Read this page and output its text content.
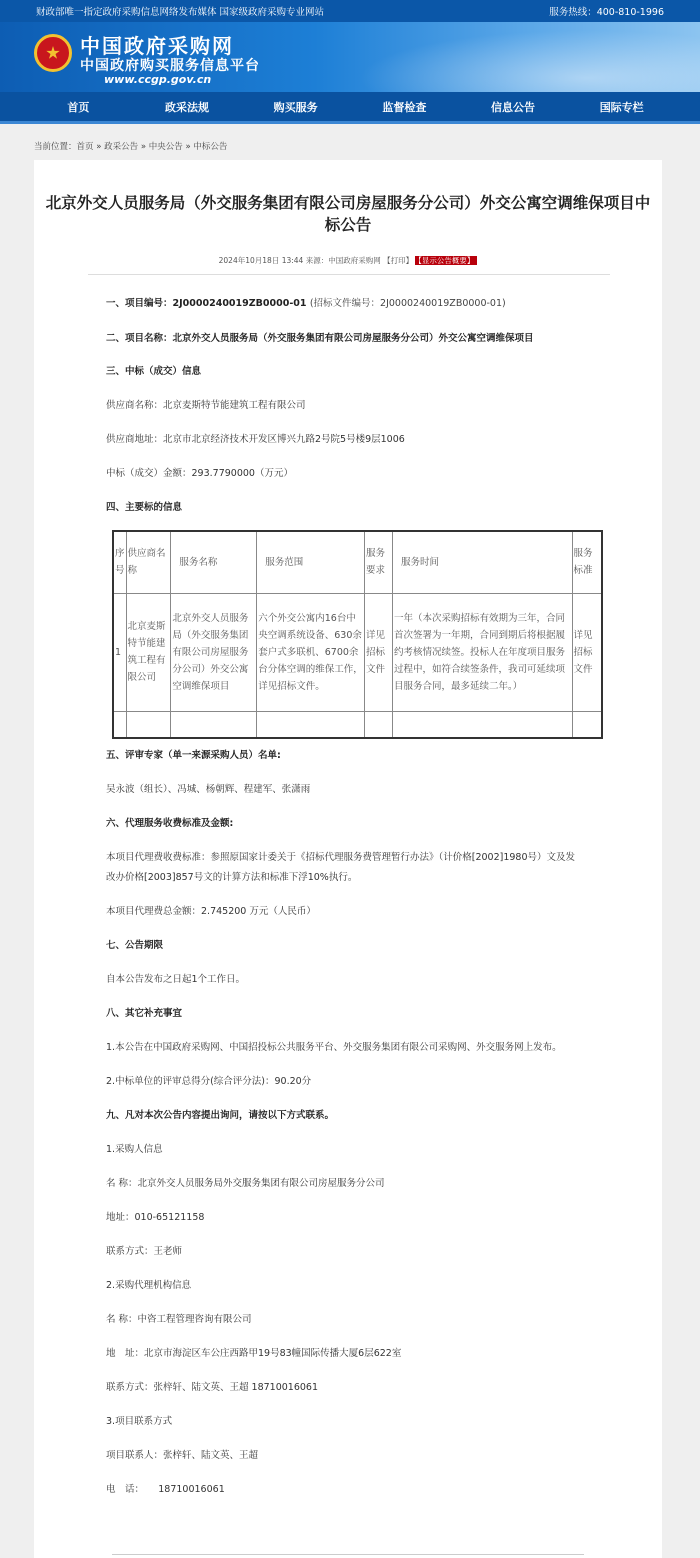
财政部唯一指定政府采购信息网络发布媒体 国家级政府采购专业网站	服务热线：400-810-1996
中国政府采购网
中国政府购买服务信息平台
www.ccgp.gov.cn
首页	政采法规	购买服务	监督检查	信息公告	国际专栏
当前位置：首页 » 政采公告 » 中央公告 » 中标公告
北京外交人员服务局（外交服务集团有限公司房屋服务分公司）外交公寓空调维保项目中标公告
2024年10月18日 13:44 来源：中国政府采购网 【打印】 【显示公告概要】
一、项目编号：2J0000240019ZB0000-01 (招标文件编号：2J0000240019ZB0000-01)
二、项目名称：北京外交人员服务局（外交服务集团有限公司房屋服务分公司）外交公寓空调维保项目
三、中标（成交）信息
供应商名称：北京麦斯特节能建筑工程有限公司
供应商地址：北京市北京经济技术开发区博兴九路2号院5号楼9层1006
中标（成交）金额：293.7790000（万元）
四、主要标的信息
序号	供应商名称	服务名称	服务范围	服务要求	服务时间	服务标准
1	北京麦斯特节能建筑工程有限公司	北京外交人员服务局（外交服务集团有限公司房屋服务分公司）外交公寓空调维保项目	六个外交公寓内16台中央空调系统设备、630余套户式多联机、6700余台分体空调的维保工作，详见招标文件。	详见招标文件	一年（本次采购招标有效期为三年，合同首次签署为一年期，合同到期后将根据履约考核情况续签。投标人在年度项目服务过程中，如符合续签条件，我司可延续项目服务合同，最多延续二年。）	详见招标文件

五、评审专家（单一来源采购人员）名单:
吴永波（组长）、冯城、杨朝辉、程建军、张潇雨
六、代理服务收费标准及金额:
本项目代理费收费标准：参照原国家计委关于《招标代理服务费管理暂行办法》（计价格[2002]1980号）文及发
改办价格[2003]857号文的计算方法和标准下浮10%执行。
本项目代理费总金额：2.745200 万元（人民币）
七、公告期限
自本公告发布之日起1个工作日。
八、其它补充事宜
1.本公告在中国政府采购网、中国招投标公共服务平台、外交服务集团有限公司采购网、外交服务网上发布。
2.中标单位的评审总得分(综合评分法)：90.20分
九、凡对本次公告内容提出询问，请按以下方式联系。
1.采购人信息
名 称：北京外交人员服务局外交服务集团有限公司房屋服务分公司
地址：010-65121158
联系方式：王老师
2.采购代理机构信息
名 称：中咨工程管理咨询有限公司
地　址：北京市海淀区车公庄西路甲19号83幢国际传播大厦6层622室
联系方式：张梓轩、陆文英、王超 18710016061
3.项目联系方式
项目联系人：张梓轩、陆文英、王超
电　话：　　18710016061
